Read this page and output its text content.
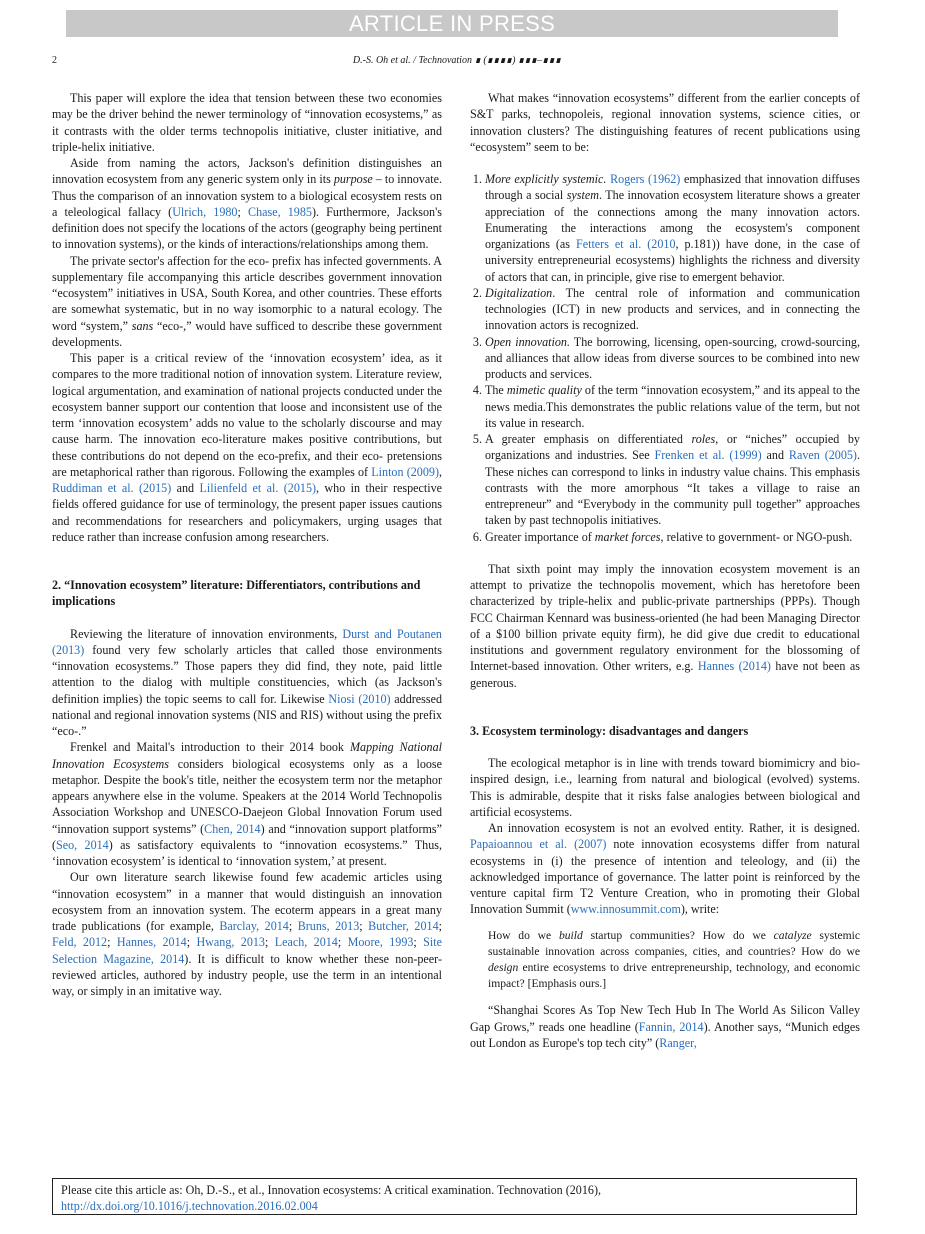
ARTICLE IN PRESS
2	D.-S. Oh et al. / Technovation ∎ (∎∎∎∎) ∎∎∎–∎∎∎

This paper will explore the idea that tension between these two economies may be the driver behind the newer terminology of “innovation ecosystems,” as it contrasts with the older terms technopolis initiative, cluster initiative, and triple-helix initiative.

Aside from naming the actors, Jackson's definition distinguishes an innovation ecosystem from any generic system only in its purpose – to innovate. Thus the comparison of an innovation system to a biological ecosystem rests on a teleological fallacy (Ulrich, 1980; Chase, 1985). Furthermore, Jackson's definition does not specify the locations of the actors (geography being pertinent to innovation systems), or the kinds of interactions/relationships among them.

The private sector's affection for the eco- prefix has infected governments. A supplementary file accompanying this article describes government innovation “ecosystem” initiatives in USA, South Korea, and other countries. These efforts are somewhat systematic, but in no way isomorphic to a natural ecology. The word “system,” sans “eco-,” would have sufficed to describe these government developments.

This paper is a critical review of the ‘innovation ecosystem’ idea, as it compares to the more traditional notion of innovation system. Literature review, logical argumentation, and examination of national projects conducted under the ecosystem banner support our contention that loose and inconsistent use of the term ‘innovation ecosystem’ adds no value to the scholarly discourse and may cause harm. The innovation eco-literature makes positive contributions, but these contributions do not depend on the eco-prefix, and their eco- pretensions are metaphorical rather than rigorous. Following the examples of Linton (2009), Ruddiman et al. (2015) and Lilienfeld et al. (2015), who in their respective fields offered guidance for use of terminology, the present paper issues cautions and recommendations for researchers and policymakers, urging usages that reduce rather than increase confusion among researchers.

2. “Innovation ecosystem” literature: Differentiators, contributions and implications

Reviewing the literature of innovation environments, Durst and Poutanen (2013) found very few scholarly articles that called those environments “innovation ecosystems.” Those papers they did find, they note, paid little attention to the dialog with multiple constituencies, which (as Jackson's definition implies) the topic seems to call for. Likewise Niosi (2010) addressed national and regional innovation systems (NIS and RIS) without using the prefix “eco-.”

Frenkel and Maital's introduction to their 2014 book Mapping National Innovation Ecosystems considers biological ecosystems only as a loose metaphor. Despite the book's title, neither the ecosystem term nor the metaphor appears anywhere else in the volume. Speakers at the 2014 World Technopolis Association Workshop and UNESCO-Daejeon Global Innovation Forum used “innovation support systems” (Chen, 2014) and “innovation support platforms” (Seo, 2014) as satisfactory equivalents to “innovation ecosystems.” Thus, ‘innovation ecosystem’ is identical to ‘innovation system,’ at present.

Our own literature search likewise found few academic articles using “innovation ecosystem” in a manner that would distinguish an innovation ecosystem from an innovation system. The ecoterm appears in a great many trade publications (for example, Barclay, 2014; Bruns, 2013; Butcher, 2014; Feld, 2012; Hannes, 2014; Hwang, 2013; Leach, 2014; Moore, 1993; Site Selection Magazine, 2014). It is difficult to know whether these non-peer-reviewed articles, authored by industry people, use the term in an intentional way, or simply in an imitative way.

What makes “innovation ecosystems” different from the earlier concepts of S&T parks, technopoleis, regional innovation systems, science cities, or innovation clusters? The distinguishing features of recent publications using “ecosystem” seem to be:

1. More explicitly systemic. Rogers (1962) emphasized that innovation diffuses through a social system. The innovation ecosystem literature shows a greater appreciation of the connections among the many innovation actors. Enumerating the interactions among the ecosystem's component organizations (as Fetters et al. (2010, p.181)) have done, in the case of university entrepreneurial ecosystems) highlights the richness and diversity of actors that can, in principle, give rise to emergent behavior.
2. Digitalization. The central role of information and communication technologies (ICT) in new products and services, and in connecting the innovation actors is recognized.
3. Open innovation. The borrowing, licensing, open-sourcing, crowd-sourcing, and alliances that allow ideas from diverse sources to be combined into new products and services.
4. The mimetic quality of the term “innovation ecosystem,” and its appeal to the news media.This demonstrates the public relations value of the term, but not its value in research.
5. A greater emphasis on differentiated roles, or “niches” occupied by organizations and industries. See Frenken et al. (1999) and Raven (2005). These niches can correspond to links in industry value chains. This emphasis contrasts with the more amorphous “It takes a village to raise an entrepreneur” and “Everybody in the community pull together” approaches taken by past technopolis initiatives.
6. Greater importance of market forces, relative to government- or NGO-push.

That sixth point may imply the innovation ecosystem movement is an attempt to privatize the technopolis movement, which has heretofore been characterized by triple-helix and public-private partnerships (PPPs). Though FCC Chairman Kennard was business-oriented (he had been Managing Director of a $100 billion private equity firm), he did give due credit to educational institutions and government regulatory environment for the blossoming of Internet-based innovation. Other writers, e.g. Hannes (2014) have not been as generous.

3. Ecosystem terminology: disadvantages and dangers

The ecological metaphor is in line with trends toward biomimicry and bio-inspired design, i.e., learning from natural and biological (evolved) systems. This is admirable, despite that it risks false analogies between biological and artificial ecosystems.

An innovation ecosystem is not an evolved entity. Rather, it is designed. Papaioannou et al. (2007) note innovation ecosystems differ from natural ecosystems in (i) the presence of intention and teleology, and (ii) the acknowledged importance of governance. The latter point is reinforced by the venture capital firm T2 Venture Creation, who in promoting their Global Innovation Summit (www.innosummit.com), write:

How do we build startup communities? How do we catalyze systemic sustainable innovation across companies, cities, and countries? How do we design entire ecosystems to drive entrepreneurship, technology, and economic impact? [Emphasis ours.]

“Shanghai Scores As Top New Tech Hub In The World As Silicon Valley Gap Grows,” reads one headline (Fannin, 2014). Another says, “Munich edges out London as Europe's top tech city” (Ranger,

Please cite this article as: Oh, D.-S., et al., Innovation ecosystems: A critical examination. Technovation (2016), http://dx.doi.org/10.1016/j.technovation.2016.02.004
